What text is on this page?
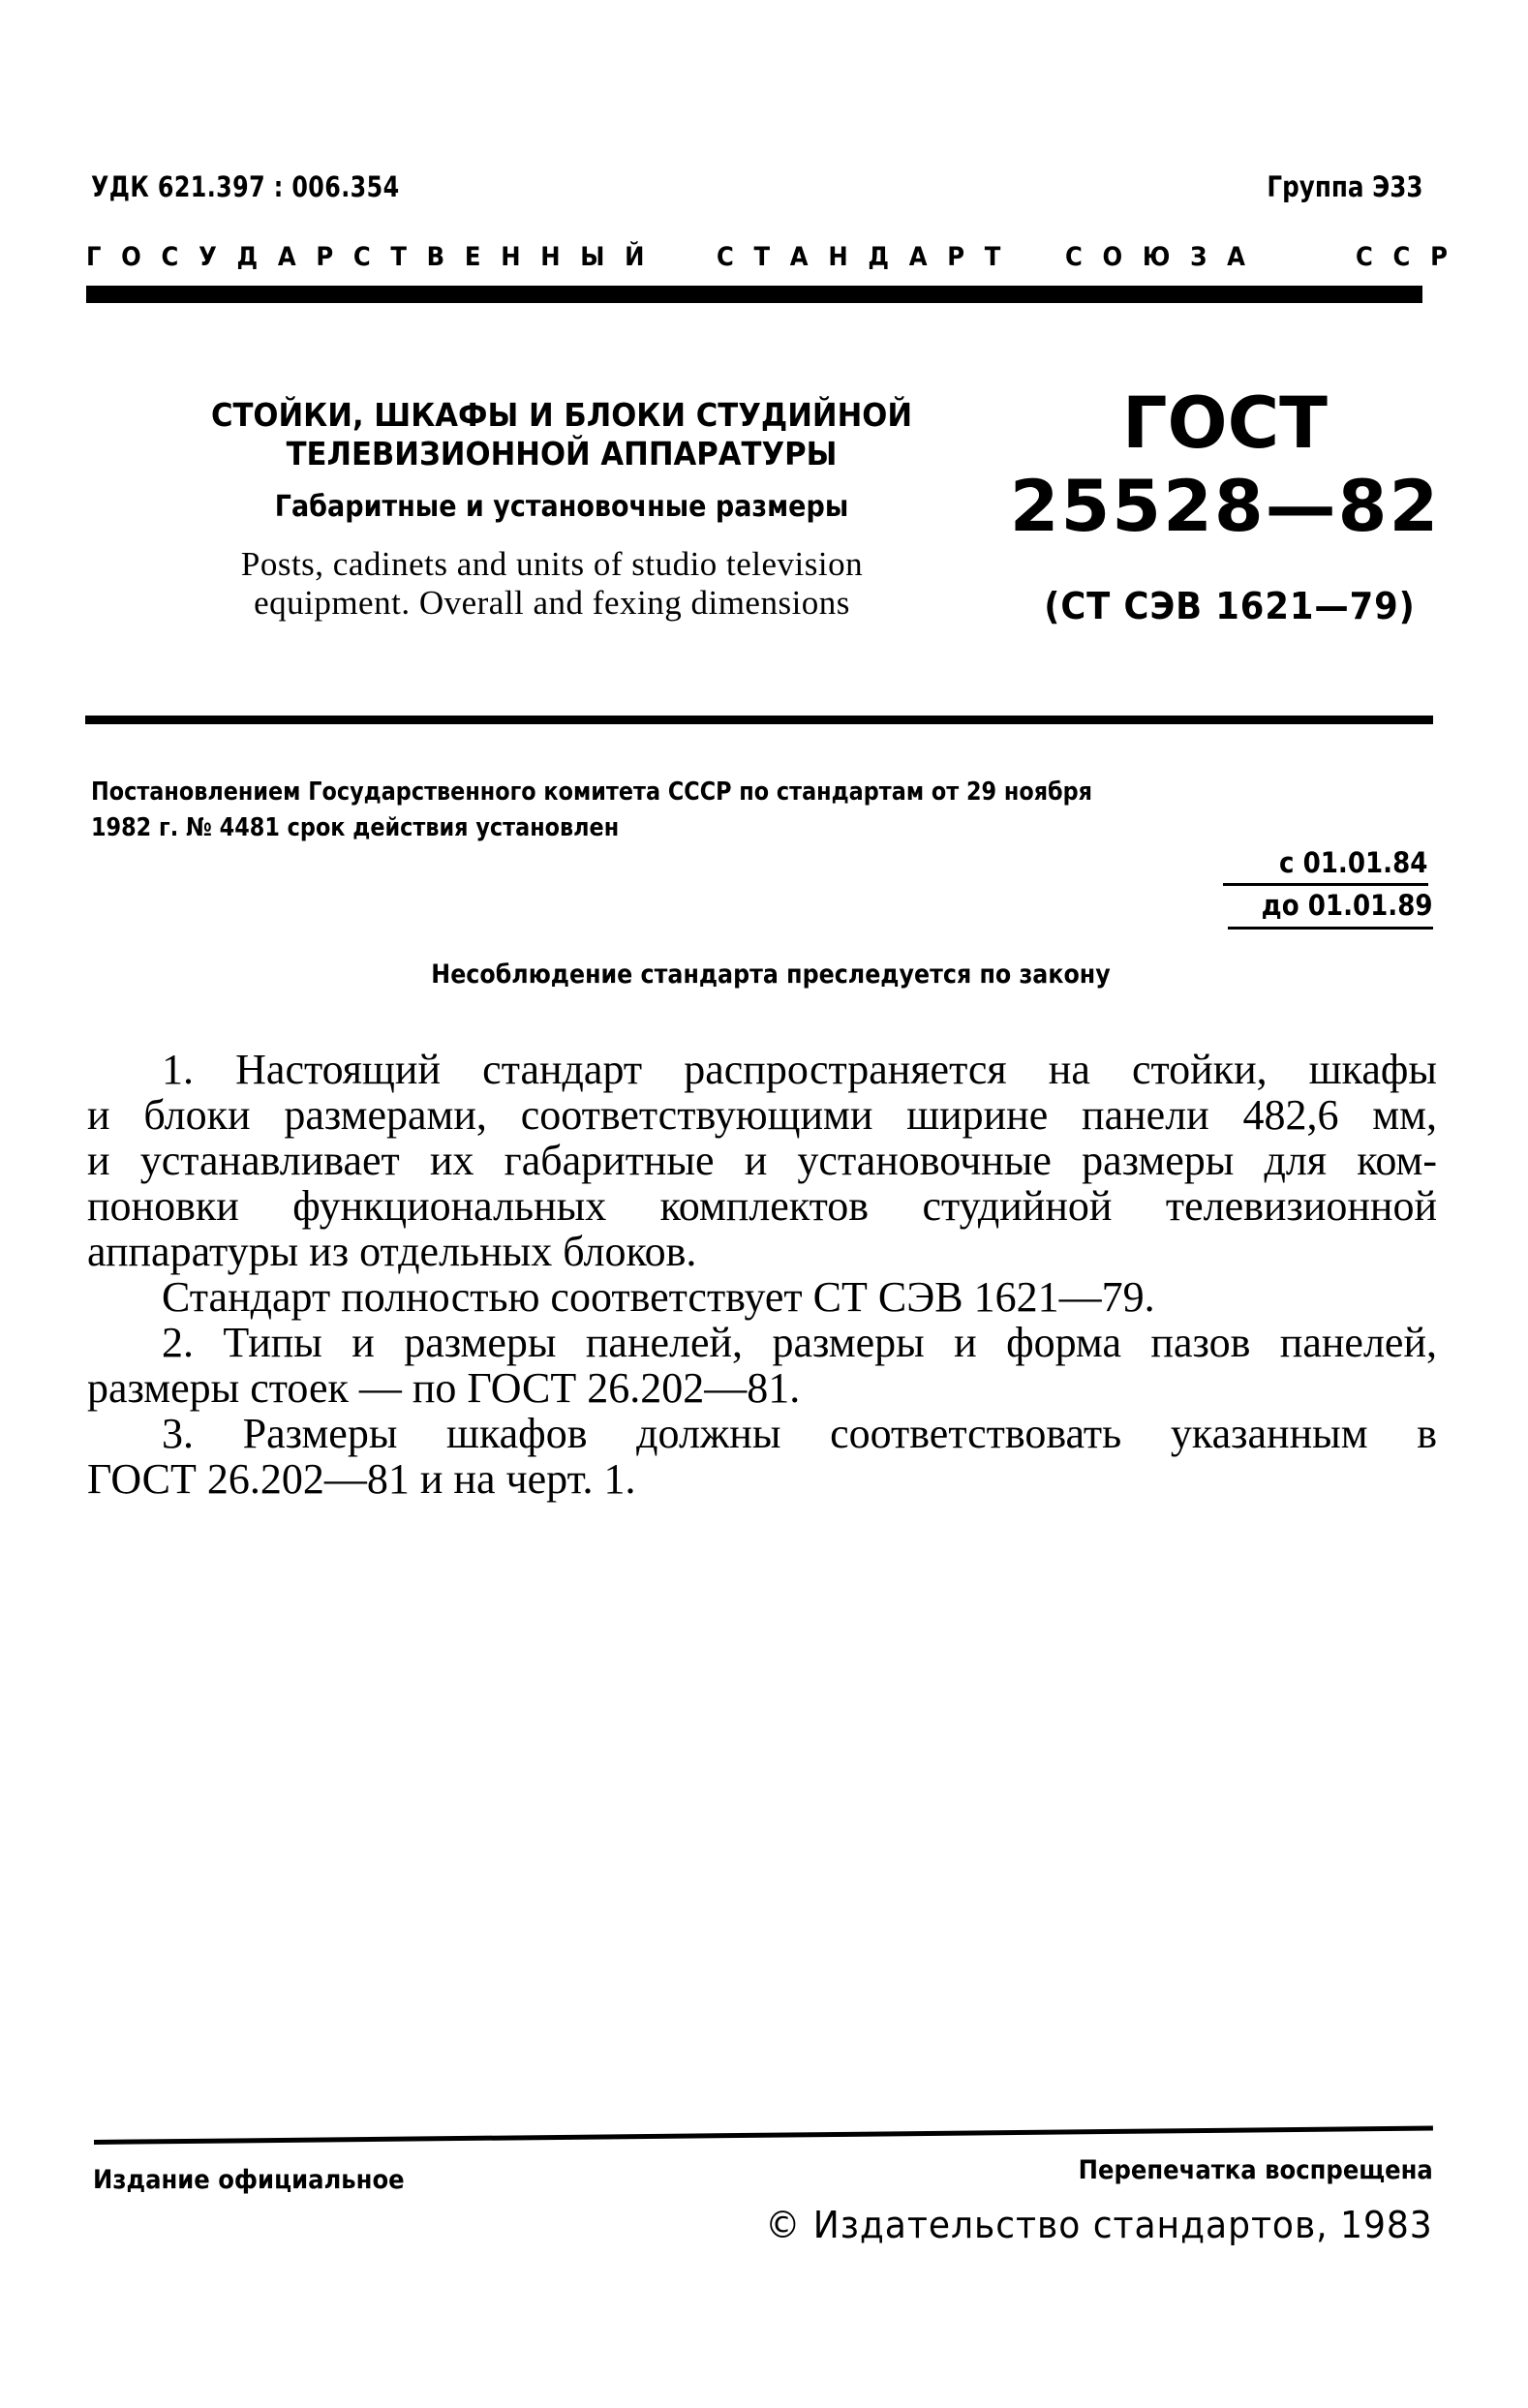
УДК 621.397 : 006.354	Группа Э33
ГОСУДАРСТВЕННЫЙ СТАНДАРТ СОЮЗА	ССР
СТОЙКИ, ШКАФЫ И БЛОКИ СТУДИЙНОЙ
ТЕЛЕВИЗИОННОЙ АППАРАТУРЫ
Габаритные и установочные размеры
Posts, cadinets and units of studio television
equipment. Overall and fexing dimensions
ГОСТ
25528—82
(СТ СЭВ 1621—79)
Постановлением Государственного комитета СССР по стандартам от 29 ноября
1982 г. № 4481 срок действия установлен
с 01.01.84
до 01.01.89
Несоблюдение стандарта преследуется по закону
1. Настоящий стандарт распространяется на стойки, шкафы
и блоки размерами, соответствующими ширине панели 482,6 мм,
и устанавливает их габаритные и установочные размеры для ком-
поновки функциональных комплектов студийной телевизионной
аппаратуры из отдельных блоков.
Стандарт полностью соответствует СТ СЭВ 1621—79.
2. Типы и размеры панелей, размеры и форма пазов панелей,
размеры стоек — по ГОСТ 26.202—81.
3. Размеры шкафов должны соответствовать указанным в
ГОСТ 26.202—81 и на черт. 1.
Издание официальное	Перепечатка воспрещена
© Издательство стандартов, 1983
